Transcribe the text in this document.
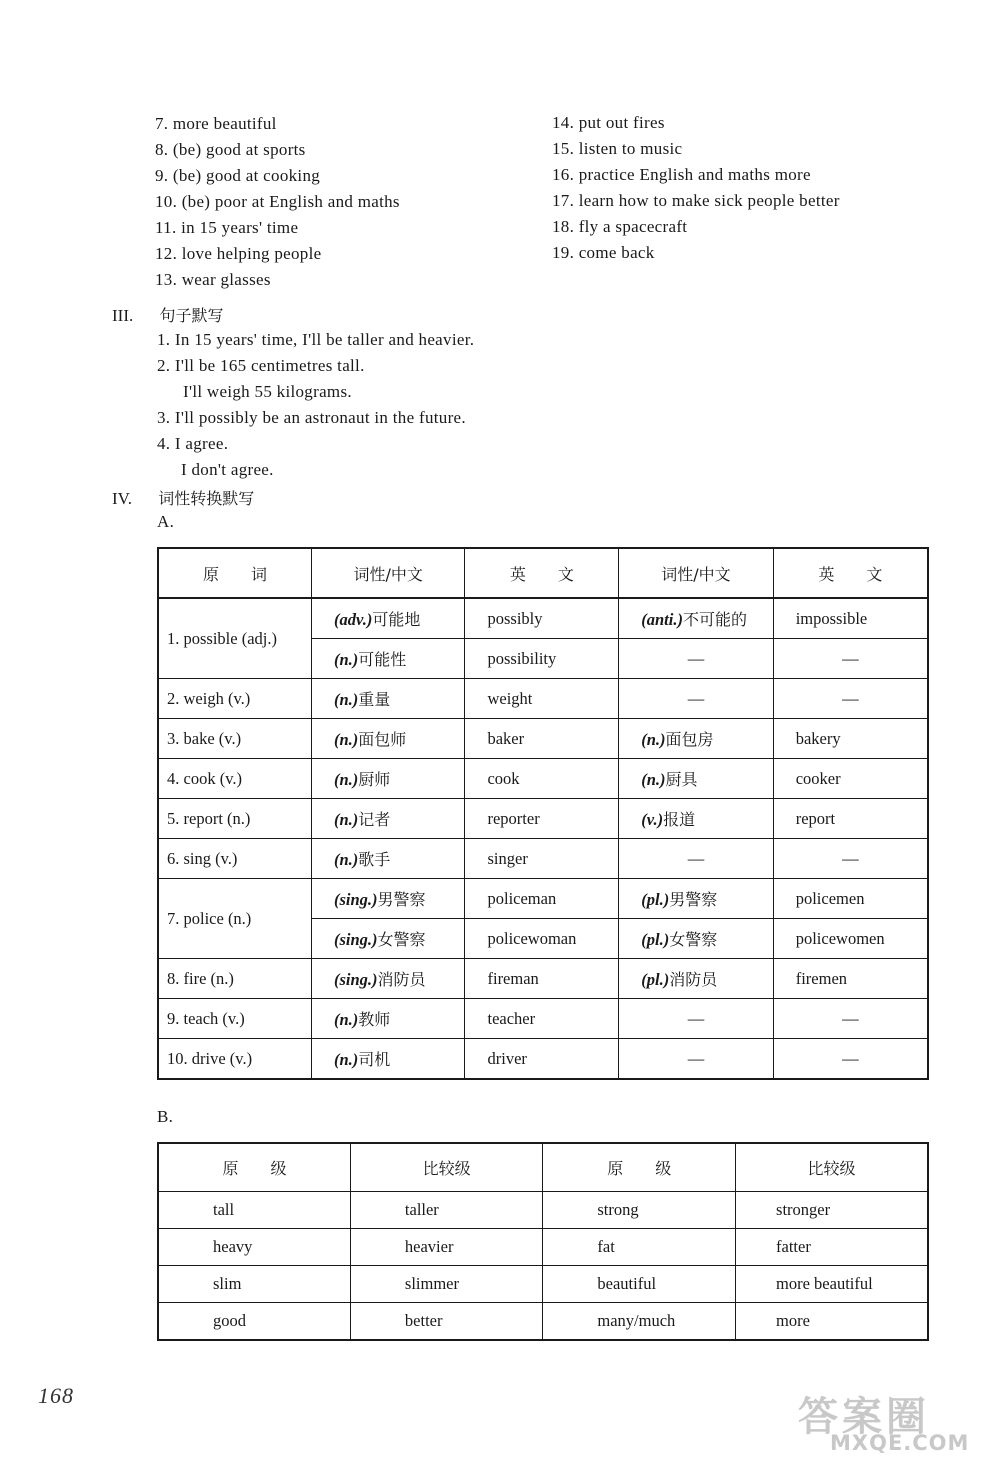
7. more beautiful
8. (be) good at sports
9. (be) good at cooking
10. (be) poor at English and maths
11. in 15 years' time
12. love helping people
13. wear glasses
14. put out fires
15. listen to music
16. practice English and maths more
17. learn how to make sick people better
18. fly a spacecraft
19. come back
III. 句子默写
1. In 15 years' time, I'll be taller and heavier.
2. I'll be 165 centimetres tall.
I'll weigh 55 kilograms.
3. I'll possibly be an astronaut in the future.
4. I agree.
I don't agree.
IV. 词性转换默写
A.
原　　词	词性/中文	英　　文	词性/中文	英　　文
1. possible (adj.)	(adv.)可能地	possibly	(anti.)不可能的	impossible
	(n.)可能性	possibility	—	—
2. weigh (v.)	(n.)重量	weight	—	—
3. bake (v.)	(n.)面包师	baker	(n.)面包房	bakery
4. cook (v.)	(n.)厨师	cook	(n.)厨具	cooker
5. report (n.)	(n.)记者	reporter	(v.)报道	report
6. sing (v.)	(n.)歌手	singer	—	—
7. police (n.)	(sing.)男警察	policeman	(pl.)男警察	policemen
	(sing.)女警察	policewoman	(pl.)女警察	policewomen
8. fire (n.)	(sing.)消防员	fireman	(pl.)消防员	firemen
9. teach (v.)	(n.)教师	teacher	—	—
10. drive (v.)	(n.)司机	driver	—	—
B.
原　　级	比较级	原　　级	比较级
tall	taller	strong	stronger
heavy	heavier	fat	fatter
slim	slimmer	beautiful	more beautiful
good	better	many/much	more
168	答案圈
MXQE.COM
